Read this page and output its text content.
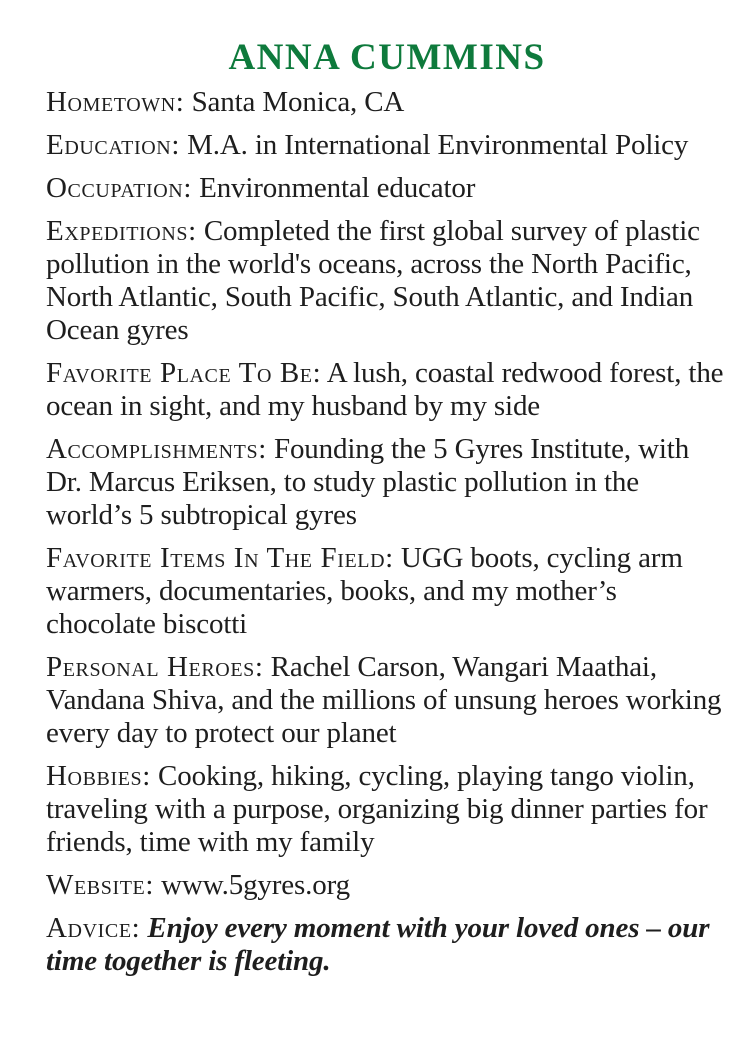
ANNA CUMMINS
Hometown: Santa Monica, CA
Education: M.A. in International Environmental Policy
Occupation: Environmental educator
Expeditions: Completed the first global survey of plastic pollution in the world's oceans, across the North Pacific, North Atlantic, South Pacific, South Atlantic, and Indian Ocean gyres
Favorite Place To Be: A lush, coastal redwood forest, the ocean in sight, and my husband by my side
Accomplishments: Founding the 5 Gyres Institute, with Dr. Marcus Eriksen, to study plastic pollution in the world’s 5 subtropical gyres
Favorite Items In The Field: UGG boots, cycling arm warmers, documentaries, books, and my mother’s chocolate biscotti
Personal Heroes: Rachel Carson, Wangari Maathai, Vandana Shiva, and the millions of unsung heroes working every day to protect our planet
Hobbies: Cooking, hiking, cycling, playing tango violin, traveling with a purpose, organizing big dinner parties for friends, time with my family
Website: www.5gyres.org
Advice: Enjoy every moment with your loved ones – our time together is fleeting.
